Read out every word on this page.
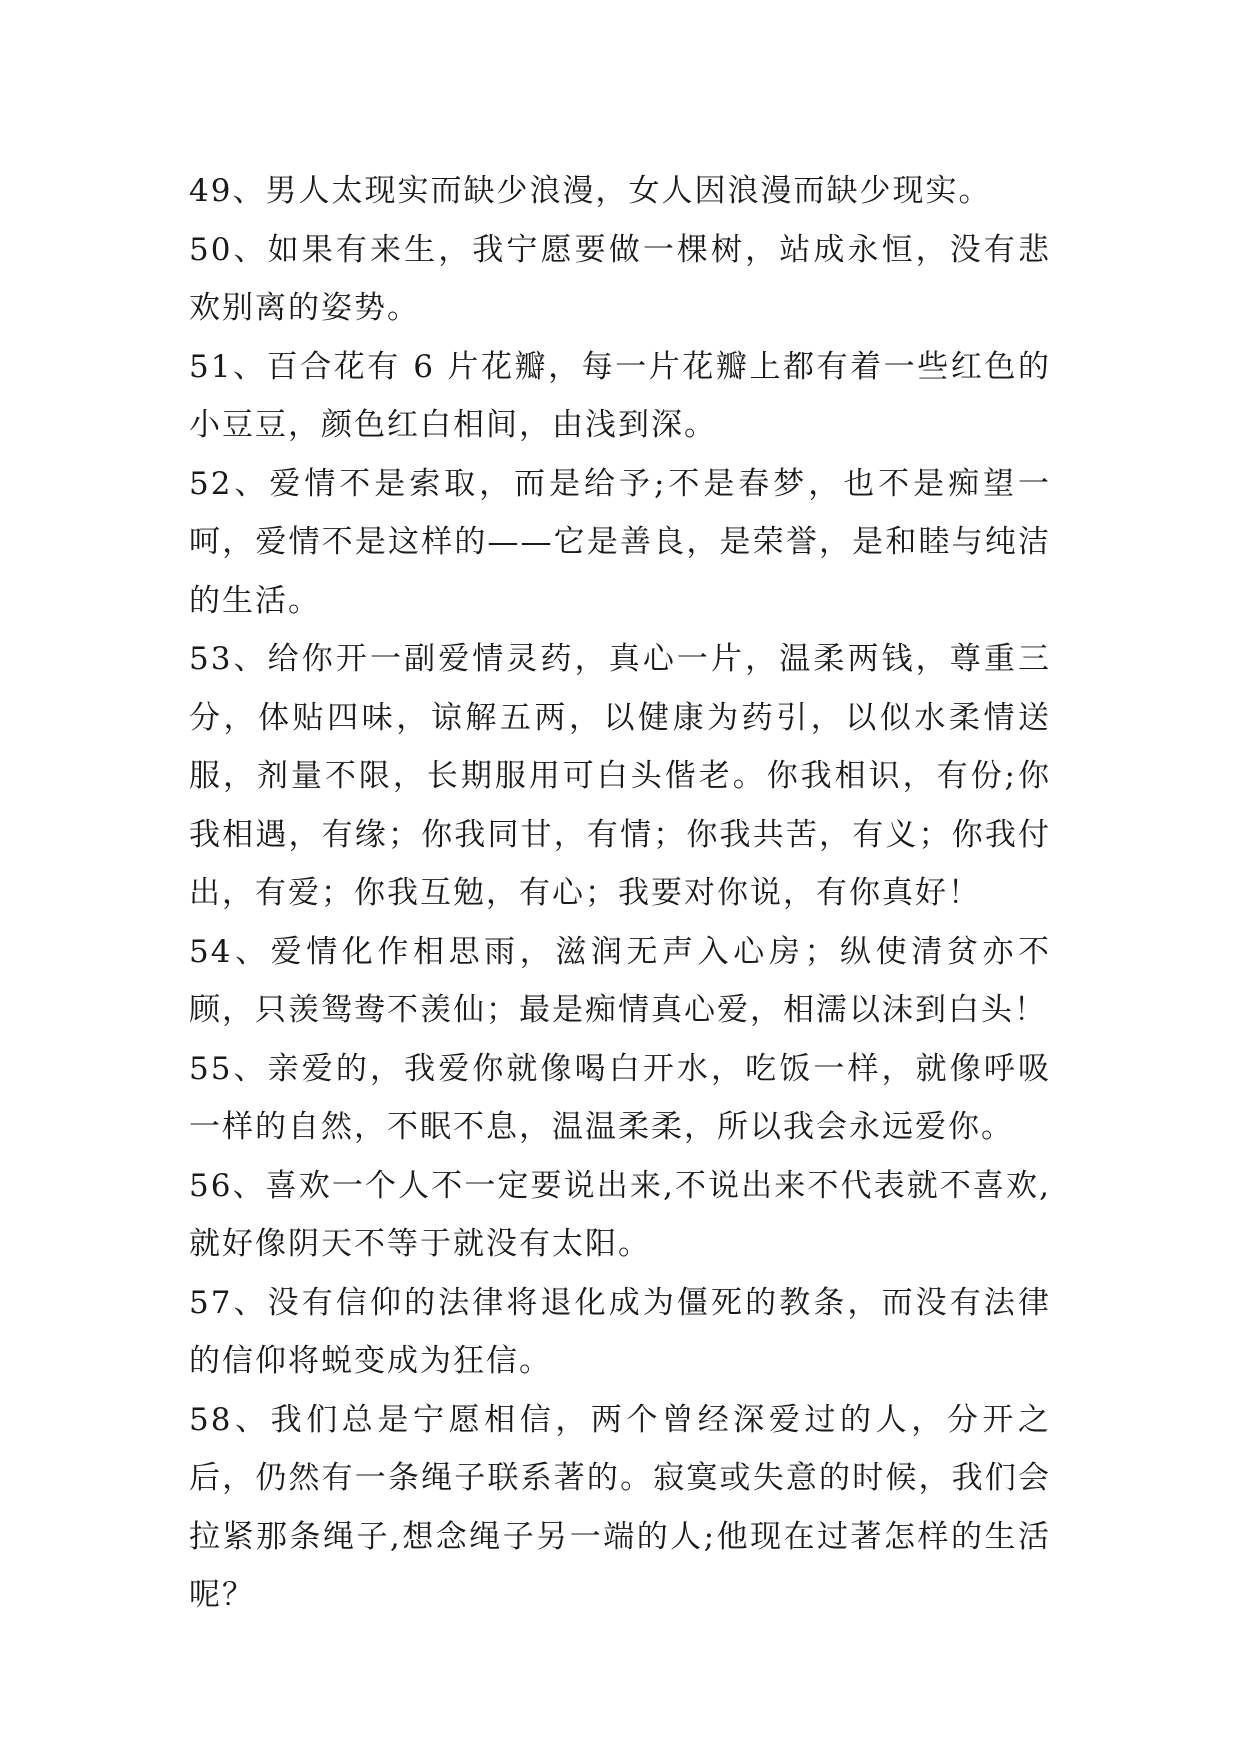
49、男人太现实而缺少浪漫，女人因浪漫而缺少现实。

50、如果有来生，我宁愿要做一棵树，站成永恒，没有悲欢别离的姿势。

51、百合花有 6 片花瓣，每一片花瓣上都有着一些红色的小豆豆，颜色红白相间，由浅到深。

52、爱情不是索取，而是给予;不是春梦，也不是痴望一呵，爱情不是这样的——它是善良，是荣誉，是和睦与纯洁的生活。

53、给你开一副爱情灵药，真心一片，温柔两钱，尊重三分，体贴四味，谅解五两，以健康为药引，以似水柔情送服，剂量不限，长期服用可白头偕老。你我相识，有份;你我相遇，有缘；你我同甘，有情；你我共苦，有义；你我付出，有爱；你我互勉，有心；我要对你说，有你真好！

54、爱情化作相思雨，滋润无声入心房；纵使清贫亦不顾，只羡鸳鸯不羡仙；最是痴情真心爱，相濡以沫到白头！

55、亲爱的，我爱你就像喝白开水，吃饭一样，就像呼吸一样的自然，不眠不息，温温柔柔，所以我会永远爱你。

56、喜欢一个人不一定要说出来,不说出来不代表就不喜欢,就好像阴天不等于就没有太阳。

57、没有信仰的法律将退化成为僵死的教条，而没有法律的信仰将蜕变成为狂信。

58、我们总是宁愿相信，两个曾经深爱过的人，分开之后，仍然有一条绳子联系著的。寂寞或失意的时候，我们会拉紧那条绳子,想念绳子另一端的人;他现在过著怎样的生活呢？
